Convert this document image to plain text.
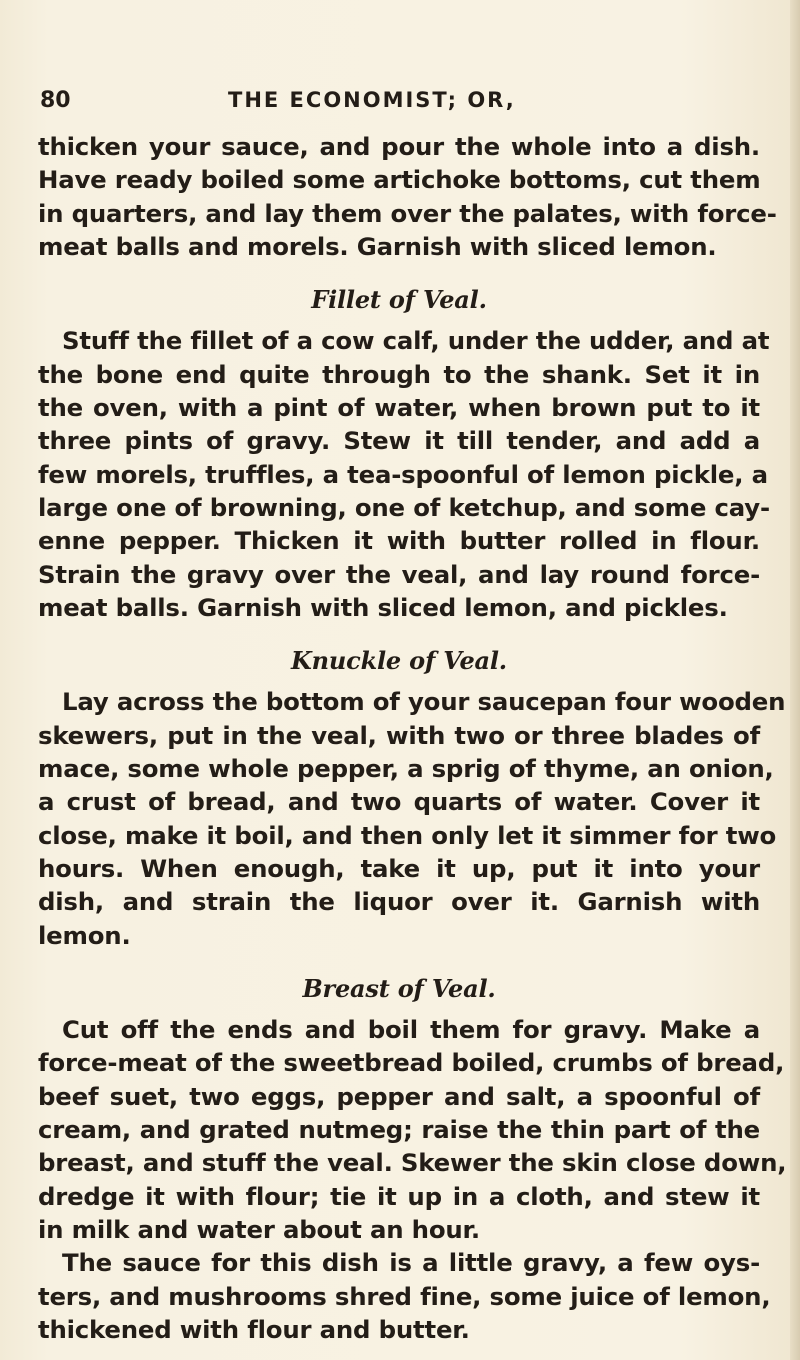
80	THE ECONOMIST; OR,
thicken your sauce, and pour the whole into a dish.
Have ready boiled some artichoke bottoms, cut them
in quarters, and lay them over the palates, with force-
meat balls and morels. Garnish with sliced lemon.
Fillet of Veal.
Stuff the fillet of a cow calf, under the udder, and at
the bone end quite through to the shank. Set it in
the oven, with a pint of water, when brown put to it
three pints of gravy. Stew it till tender, and add a
few morels, truffles, a tea-spoonful of lemon pickle, a
large one of browning, one of ketchup, and some cay-
enne pepper. Thicken it with butter rolled in flour.
Strain the gravy over the veal, and lay round force-
meat balls. Garnish with sliced lemon, and pickles.
Knuckle of Veal.
Lay across the bottom of your saucepan four wooden
skewers, put in the veal, with two or three blades of
mace, some whole pepper, a sprig of thyme, an onion,
a crust of bread, and two quarts of water. Cover it
close, make it boil, and then only let it simmer for two
hours. When enough, take it up, put it into your
dish, and strain the liquor over it. Garnish with
lemon.
Breast of Veal.
Cut off the ends and boil them for gravy. Make a
force-meat of the sweetbread boiled, crumbs of bread,
beef suet, two eggs, pepper and salt, a spoonful of
cream, and grated nutmeg; raise the thin part of the
breast, and stuff the veal. Skewer the skin close down,
dredge it with flour; tie it up in a cloth, and stew it
in milk and water about an hour.
The sauce for this dish is a little gravy, a few oys-
ters, and mushrooms shred fine, some juice of lemon,
thickened with flour and butter.
